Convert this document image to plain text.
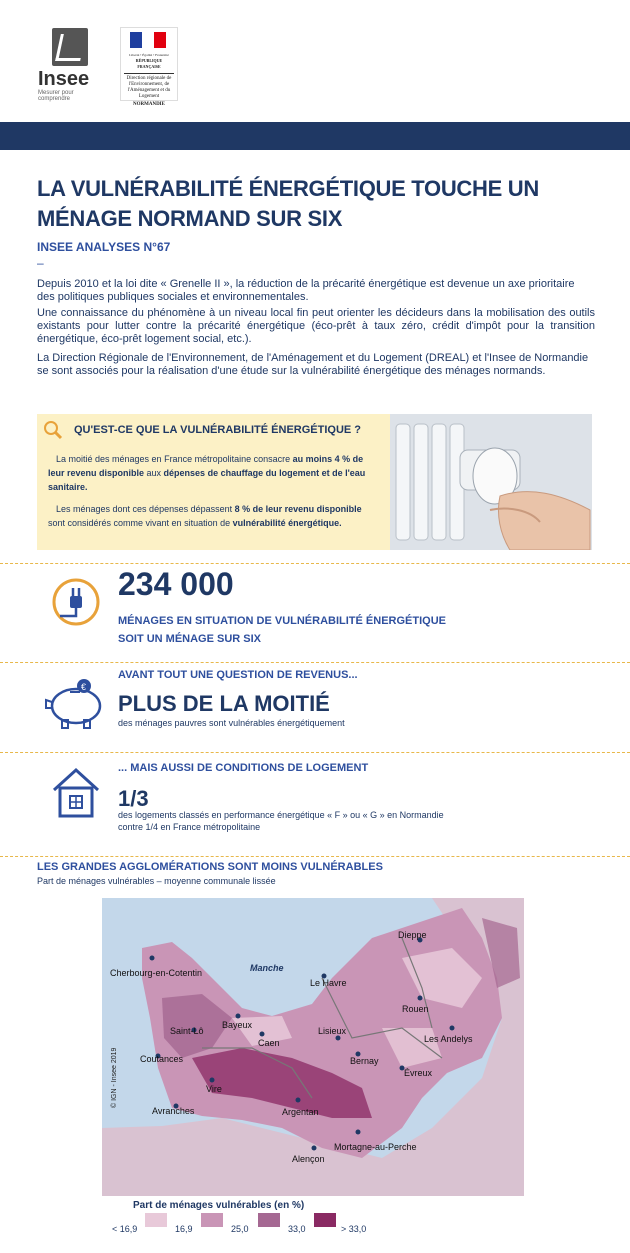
Insee
Mesurer pour comprendre
Liberté • Égalité • Fraternité
RÉPUBLIQUE FRANÇAISE
Direction régionale de l'Environnement, de l'Aménagement et du Logement
NORMANDIE
LA VULNÉRABILITÉ ÉNERGÉTIQUE TOUCHE UN MÉNAGE NORMAND SUR SIX
INSEE ANALYSES N°67
–

Depuis 2010 et la loi dite « Grenelle II », la réduction de la précarité énergétique est devenue un axe prioritaire des politiques publiques sociales et environnementales.

Une connaissance du phénomène à un niveau local fin peut orienter les décideurs dans la mobilisation des outils existants pour lutter contre la précarité énergétique (éco-prêt à taux zéro, crédit d'impôt pour la transition énergétique, éco-prêt logement social, etc.).

La Direction Régionale de l'Environnement, de l'Aménagement et du Logement (DREAL) et l'Insee de Normandie se sont associés pour la réalisation d'une étude sur la vulnérabilité énergétique des ménages normands.

QU'EST-CE QUE LA VULNÉRABILITÉ ÉNERGÉTIQUE ?
La moitié des ménages en France métropolitaine consacre au moins 4 % de leur revenu disponible aux dépenses de chauffage du logement et de l'eau sanitaire.
Les ménages dont ces dépenses dépassent 8 % de leur revenu disponible sont considérés comme vivant en situation de vulnérabilité énergétique.
234 000
MÉNAGES EN SITUATION DE VULNÉRABILITÉ ÉNERGÉTIQUE
SOIT UN MÉNAGE SUR SIX
€
AVANT TOUT UNE QUESTION DE REVENUS...
PLUS DE LA MOITIÉ
des ménages pauvres sont vulnérables énergétiquement
... MAIS AUSSI DE CONDITIONS DE LOGEMENT
1/3
des logements classés en performance énergétique « F » ou « G » en Normandie
contre 1/4 en France métropolitaine
LES GRANDES AGGLOMÉRATIONS SONT MOINS VULNÉRABLES
Part de ménages vulnérables – moyenne communale lissée
Dieppe
Cherbourg-en-Cotentin
Le Havre
Rouen
Les Andelys
Saint-Lô
Bayeux
Caen
Lisieux
Coutances	Bernay
Évreux
Vire
Argentan
Avranches
Mortagne-au-Perche
Alençon
Manche
© IGN - Insee 2019
Part de ménages vulnérables (en %)
< 16,9	16,9	25,0	33,0	> 33,0
